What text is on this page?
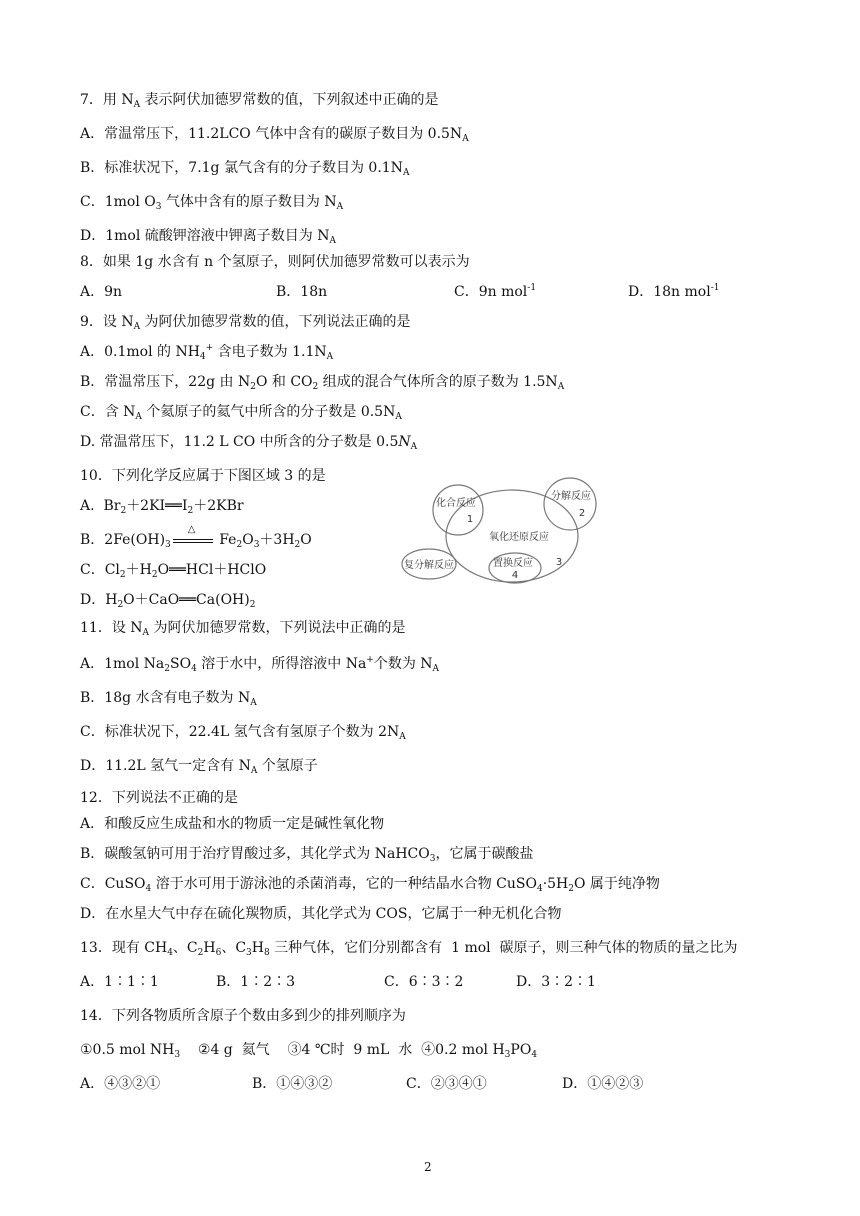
7．用 $N_A$ 表示阿伏加德罗常数的值，下列叙述中正确的是
A．常温常压下，11.2LCO 气体中含有的碳原子数目为 $0.5N_A$
B．标准状况下，7.1g 氯气含有的分子数目为 $0.1N_A$
C．1mol $O_3$ 气体中含有的原子数目为 $N_A$
D．1mol 硫酸钾溶液中钾离子数目为 $N_A$
8．如果 1g 水含有 n 个氢原子，则阿伏加德罗常数可以表示为
A．9n	B．18n	C．9n mol$^{-1}$	D．18n mol$^{-1}$
9．设 $N_A$ 为阿伏加德罗常数的值，下列说法正确的是
A．0.1mol 的 $NH_4^+$ 含电子数为 $1.1N_A$
B．常温常压下，22g 由 $N_2O$ 和 $CO_2$ 组成的混合气体所含的原子数为 $1.5N_A$
C．含 $N_A$ 个氦原子的氦气中所含的分子数是 $0.5N_A$
D. 常温常压下，11.2 L CO 中所含的分子数是 $0.5N_A$
10．下列化学反应属于下图区域 3 的是
A.  $Br_2+2KI══I_2+2KBr$
B．$2Fe(OH)_3$
△
$Fe_2O_3+3H_2O$
C．$Cl_2+H_2O══HCl+HClO$
D．$H_2O+CaO══Ca(OH)_2$
化合反应
1
分解反应
2
氧化还原反应
复分解反应	置换反应
4
3
11．设 $N_A$ 为阿伏加德罗常数，下列说法中正确的是
A．1mol $Na_2SO_4$ 溶于水中，所得溶液中 Na+个数为 $N_A$
B．18g 水含有电子数为 $N_A$
C．标准状况下，22.4L 氢气含有氢原子个数为 $2N_A$
D．11.2L 氢气一定含有 $N_A$ 个氢原子
12．下列说法不正确的是
A．和酸反应生成盐和水的物质一定是碱性氧化物
B．碳酸氢钠可用于治疗胃酸过多，其化学式为 NaHCO$_3$，它属于碳酸盐
C．CuSO$_4$ 溶于水可用于游泳池的杀菌消毒，它的一种结晶水合物 $CuSO_4\cdot 5H_2O$ 属于纯净物
D．在水星大气中存在硫化羰物质，其化学式为 COS，它属于一种无机化合物
13．现有 $CH_4$、$C_2H_6$、$C_3H_8$ 三种气体，它们分别都含有  1 mol  碳原子，则三种气体的物质的量之比为
A．1∶1∶1	B．1∶2∶3	C．6∶3∶2	D．3∶2∶1
14．下列各物质所含原子个数由多到少的排列顺序为
①0.5 mol $NH_3$    ②4 g  氦气    ③4 ℃时  9 mL  水  ④0.2 mol $H_3PO_4$
A．④③②①	B．①④③②	C．②③④①	D．①④②③
2
